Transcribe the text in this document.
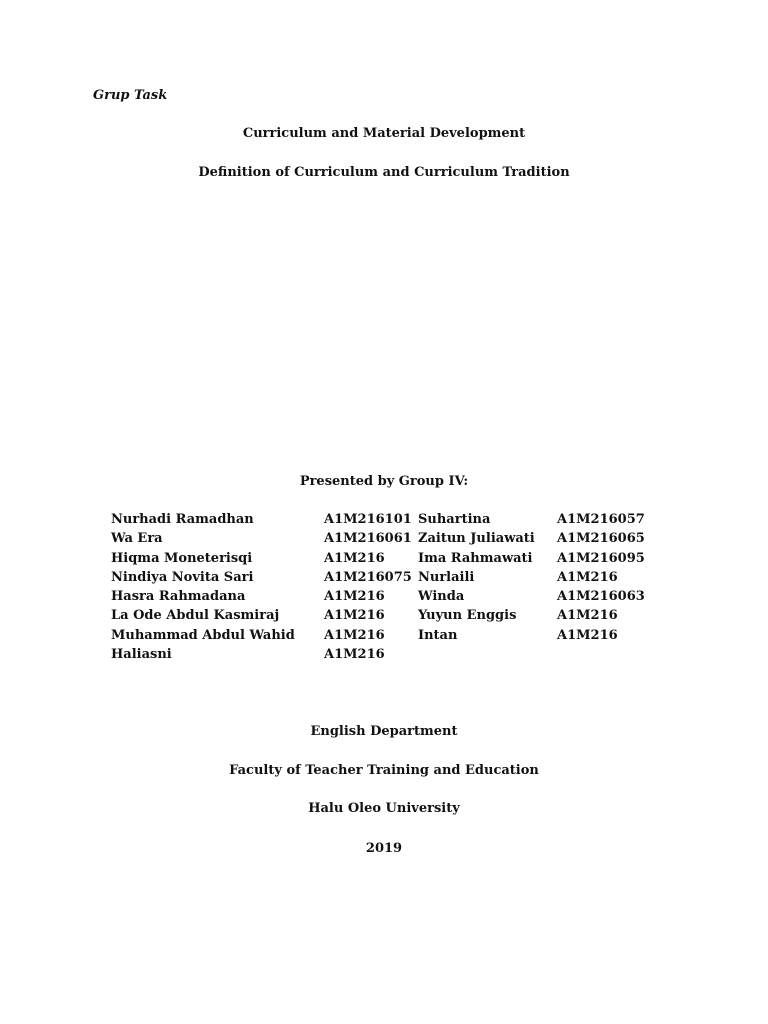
Grup Task
Curriculum and Material Development
Definition of Curriculum and Curriculum Tradition
Presented by Group IV:
Nurhadi Ramadhan	A1M216101 Suhartina	A1M216057
Wa Era	A1M216061 Zaitun Juliawati A1M216065
Hiqma Moneterisqi	A1M216	Ima Rahmawati A1M216095
Nindiya Novita Sari	A1M216075 Nurlaili	A1M216
Hasra Rahmadana	A1M216	Winda	A1M216063
La Ode Abdul Kasmiraj	A1M216	Yuyun Enggis	A1M216
Muhammad Abdul Wahid A1M216	Intan	A1M216
Haliasni	A1M216
English Department
Faculty of Teacher Training and Education
Halu Oleo University
2019
